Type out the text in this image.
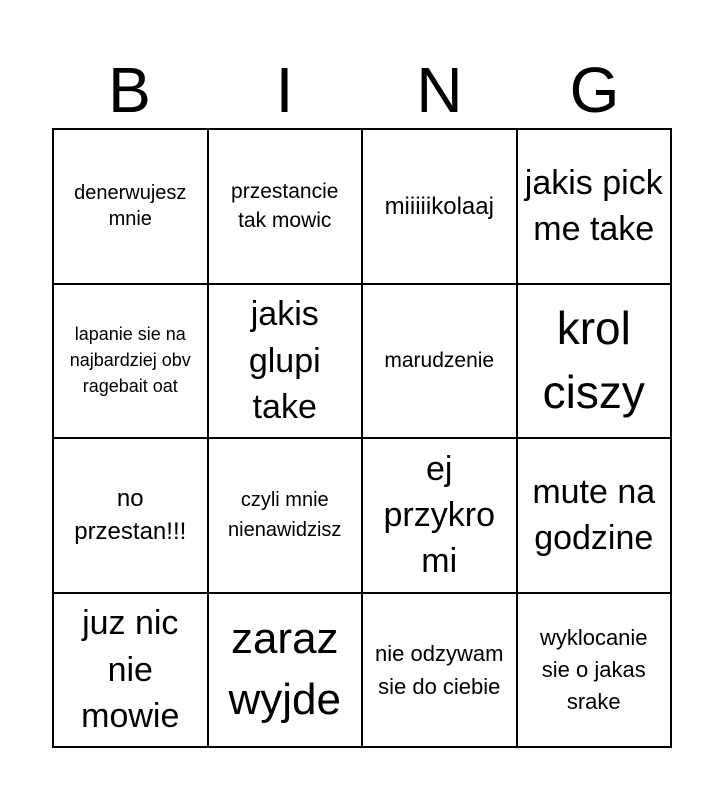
B	I	N	G
denerwujesz mnie
przestancie tak mowic
miiiiikolaaj
jakis pick me take
lapanie sie na najbardziej obv ragebait oat
jakis glupi take
marudzenie
krol ciszy
no przestan!!!
czyli mnie nienawidzisz
ej przykro mi
mute na godzine
juz nic nie mowie
zaraz wyjde
nie odzywam sie do ciebie
wyklocanie sie o jakas srake
